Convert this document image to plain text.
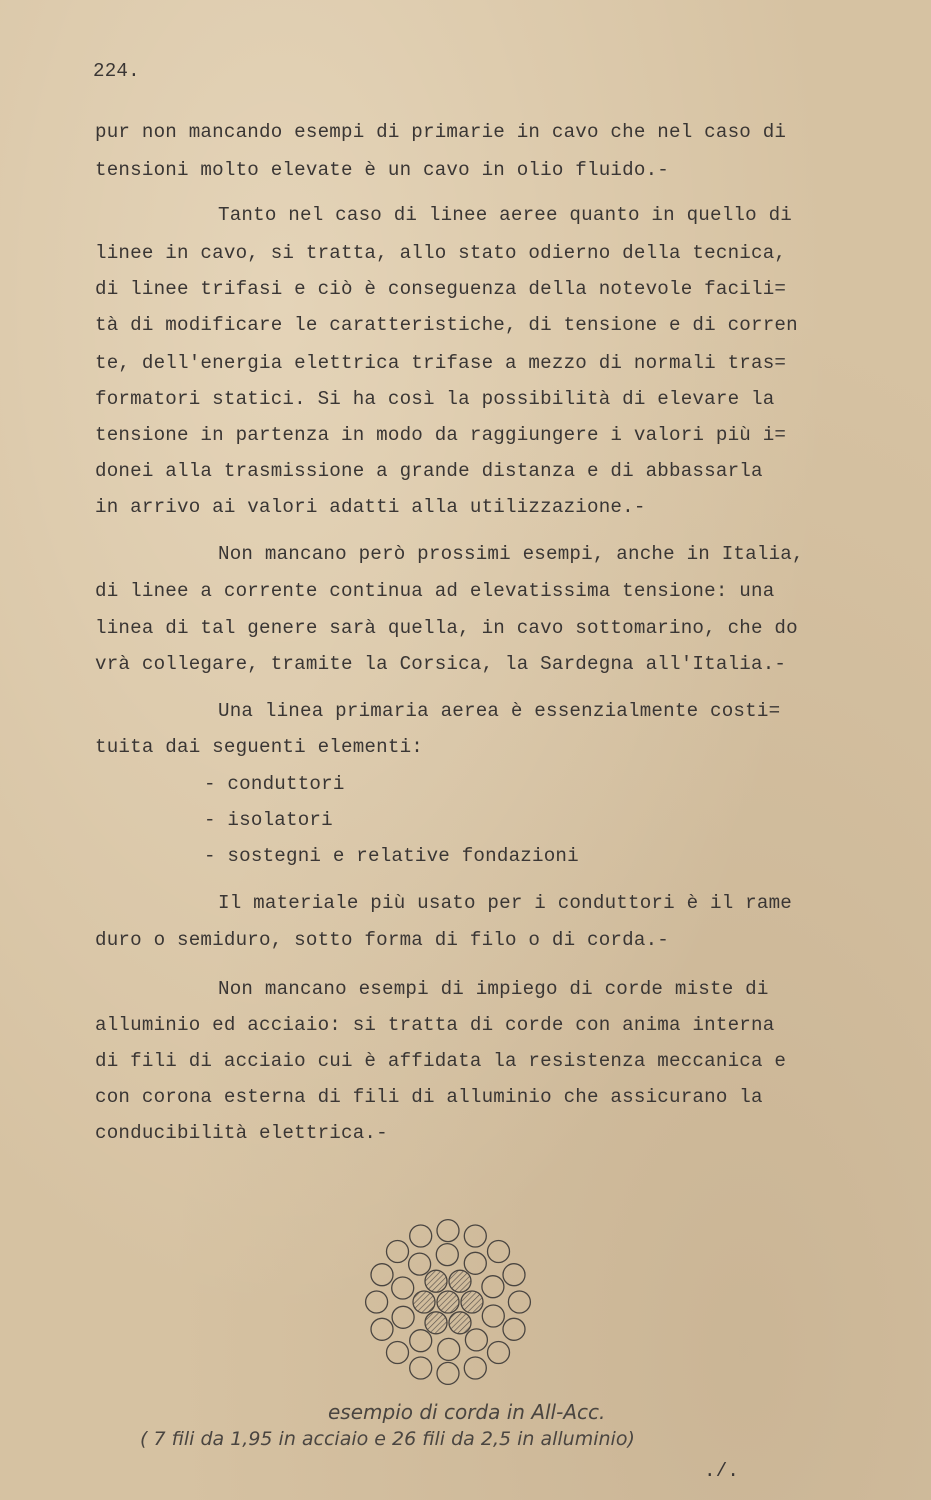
224.
pur non mancando esempi di primarie in cavo che nel caso di
tensioni molto elevate è un cavo in olio fluido.-
Tanto nel caso di linee aeree quanto in quello di
linee in cavo, si tratta, allo stato odierno della tecnica,
di linee trifasi e ciò è conseguenza della notevole facili=
tà di modificare le caratteristiche, di tensione e di corren
te, dell'energia elettrica trifase a mezzo di normali tras=
formatori statici. Si ha così la possibilità di elevare la
tensione in partenza in modo da raggiungere i valori più i=
donei alla trasmissione a grande distanza e di abbassarla
in arrivo ai valori adatti alla utilizzazione.-
Non mancano però prossimi esempi, anche in Italia,
di linee a corrente continua ad elevatissima tensione: una
linea di tal genere sarà quella, in cavo sottomarino, che do
vrà collegare, tramite la Corsica, la Sardegna all'Italia.-
Una linea primaria aerea è essenzialmente costi=
tuita dai seguenti elementi:
- conduttori
- isolatori
- sostegni e relative fondazioni
Il materiale più usato per i conduttori è il rame
duro o semiduro, sotto forma di filo o di corda.-
Non mancano esempi di impiego di corde miste di
alluminio ed acciaio: si tratta di corde con anima interna
di fili di acciaio cui è affidata la resistenza meccanica e
con corona esterna di fili di alluminio che assicurano la
conducibilità elettrica.-
esempio di corda in All-Acc.
( 7 fili da 1,95 in acciaio e 26 fili da 2,5 in alluminio)
./.
